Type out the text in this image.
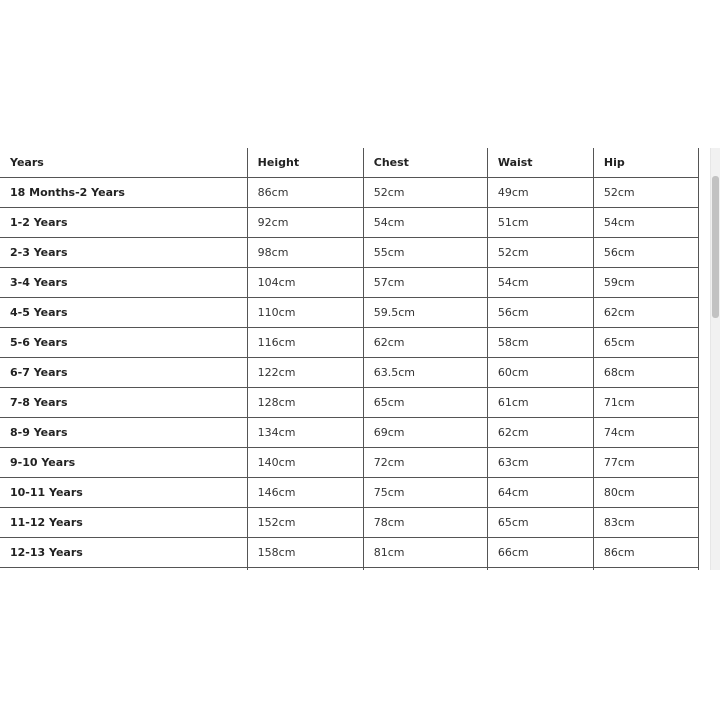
Years	Height	Chest	Waist	Hip
18 Months-2 Years	86cm	52cm	49cm	52cm
1-2 Years	92cm	54cm	51cm	54cm
2-3 Years	98cm	55cm	52cm	56cm
3-4 Years	104cm	57cm	54cm	59cm
4-5 Years	110cm	59.5cm	56cm	62cm
5-6 Years	116cm	62cm	58cm	65cm
6-7 Years	122cm	63.5cm	60cm	68cm
7-8 Years	128cm	65cm	61cm	71cm
8-9 Years	134cm	69cm	62cm	74cm
9-10 Years	140cm	72cm	63cm	77cm
10-11 Years	146cm	75cm	64cm	80cm
11-12 Years	152cm	78cm	65cm	83cm
12-13 Years	158cm	81cm	66cm	86cm
